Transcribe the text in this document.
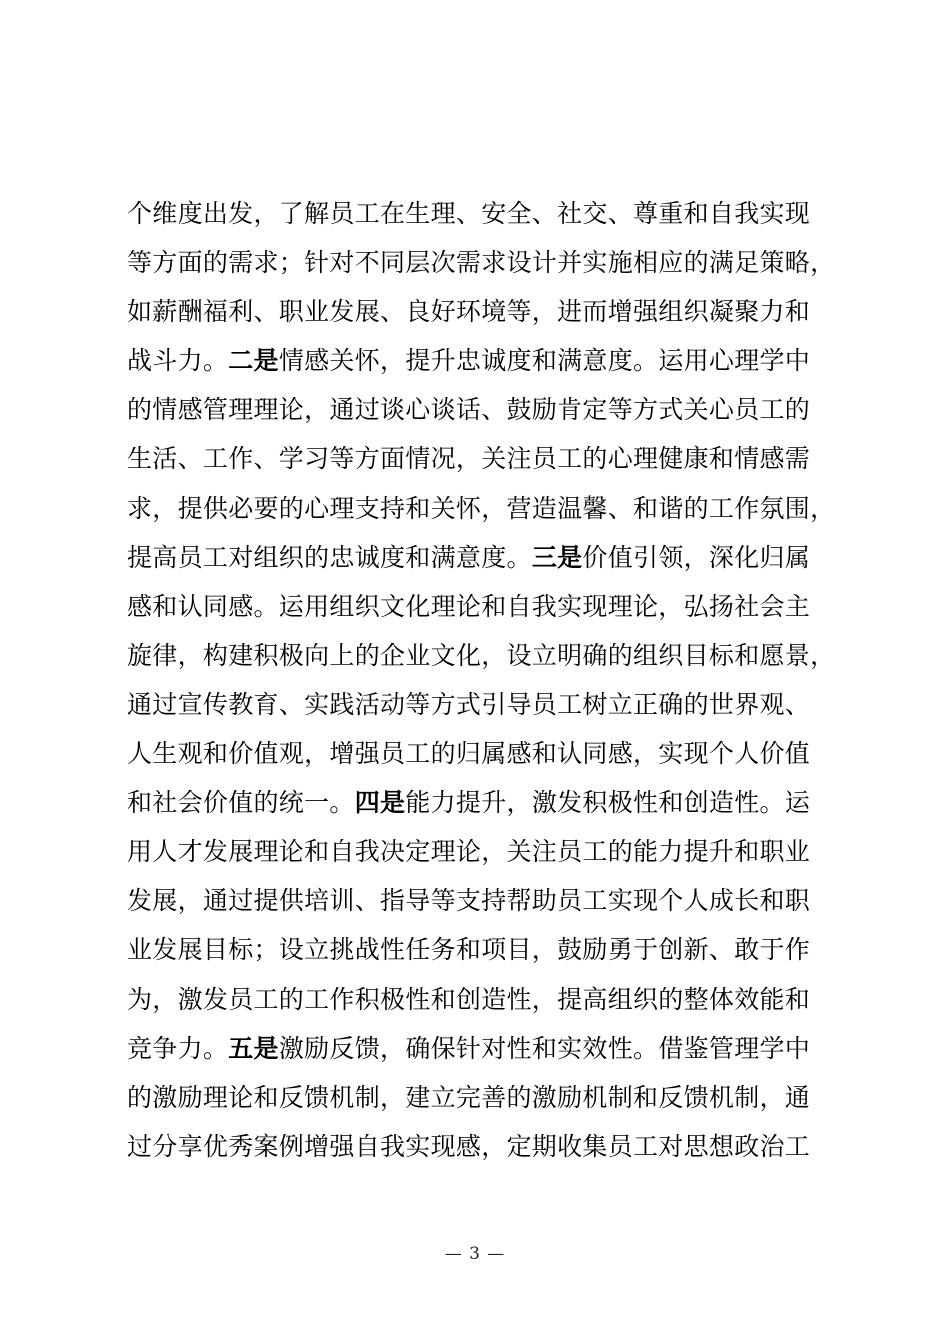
个维度出发，了解员工在生理、安全、社交、尊重和自我实现
等方面的需求；针对不同层次需求设计并实施相应的满足策略，
如薪酬福利、职业发展、良好环境等，进而增强组织凝聚力和
战斗力。二是情感关怀，提升忠诚度和满意度。运用心理学中
的情感管理理论，通过谈心谈话、鼓励肯定等方式关心员工的
生活、工作、学习等方面情况，关注员工的心理健康和情感需
求，提供必要的心理支持和关怀，营造温馨、和谐的工作氛围，
提高员工对组织的忠诚度和满意度。三是价值引领，深化归属
感和认同感。运用组织文化理论和自我实现理论，弘扬社会主
旋律，构建积极向上的企业文化，设立明确的组织目标和愿景，
通过宣传教育、实践活动等方式引导员工树立正确的世界观、
人生观和价值观，增强员工的归属感和认同感，实现个人价值
和社会价值的统一。四是能力提升，激发积极性和创造性。运
用人才发展理论和自我决定理论，关注员工的能力提升和职业
发展，通过提供培训、指导等支持帮助员工实现个人成长和职
业发展目标；设立挑战性任务和项目，鼓励勇于创新、敢于作
为，激发员工的工作积极性和创造性，提高组织的整体效能和
竞争力。五是激励反馈，确保针对性和实效性。借鉴管理学中
的激励理论和反馈机制，建立完善的激励机制和反馈机制，通
过分享优秀案例增强自我实现感，定期收集员工对思想政治工
— 3 —
